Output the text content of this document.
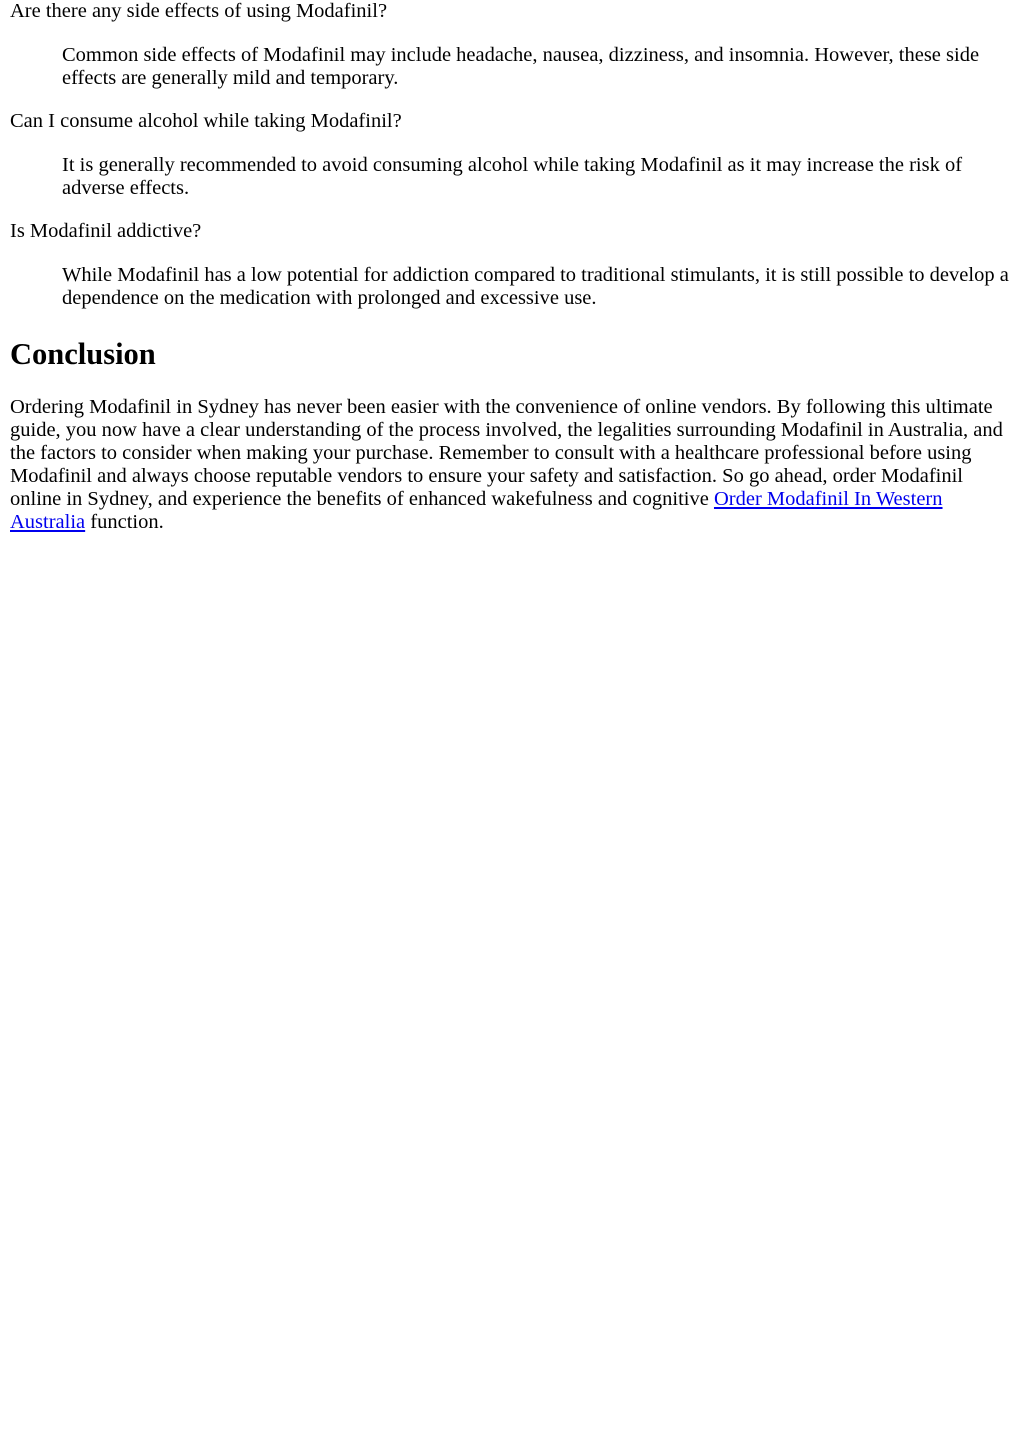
Are there any side effects of using Modafinil?

Common side effects of Modafinil may include headache, nausea, dizziness, and insomnia. However, these side effects are generally mild and temporary.

Can I consume alcohol while taking Modafinil?

It is generally recommended to avoid consuming alcohol while taking Modafinil as it may increase the risk of adverse effects.

Is Modafinil addictive?

While Modafinil has a low potential for addiction compared to traditional stimulants, it is still possible to develop a dependence on the medication with prolonged and excessive use.

Conclusion

Ordering Modafinil in Sydney has never been easier with the convenience of online vendors. By following this ultimate guide, you now have a clear understanding of the process involved, the legalities surrounding Modafinil in Australia, and the factors to consider when making your purchase. Remember to consult with a healthcare professional before using Modafinil and always choose reputable vendors to ensure your safety and satisfaction. So go ahead, order Modafinil online in Sydney, and experience the benefits of enhanced wakefulness and cognitive Order Modafinil In Western Australia function.
